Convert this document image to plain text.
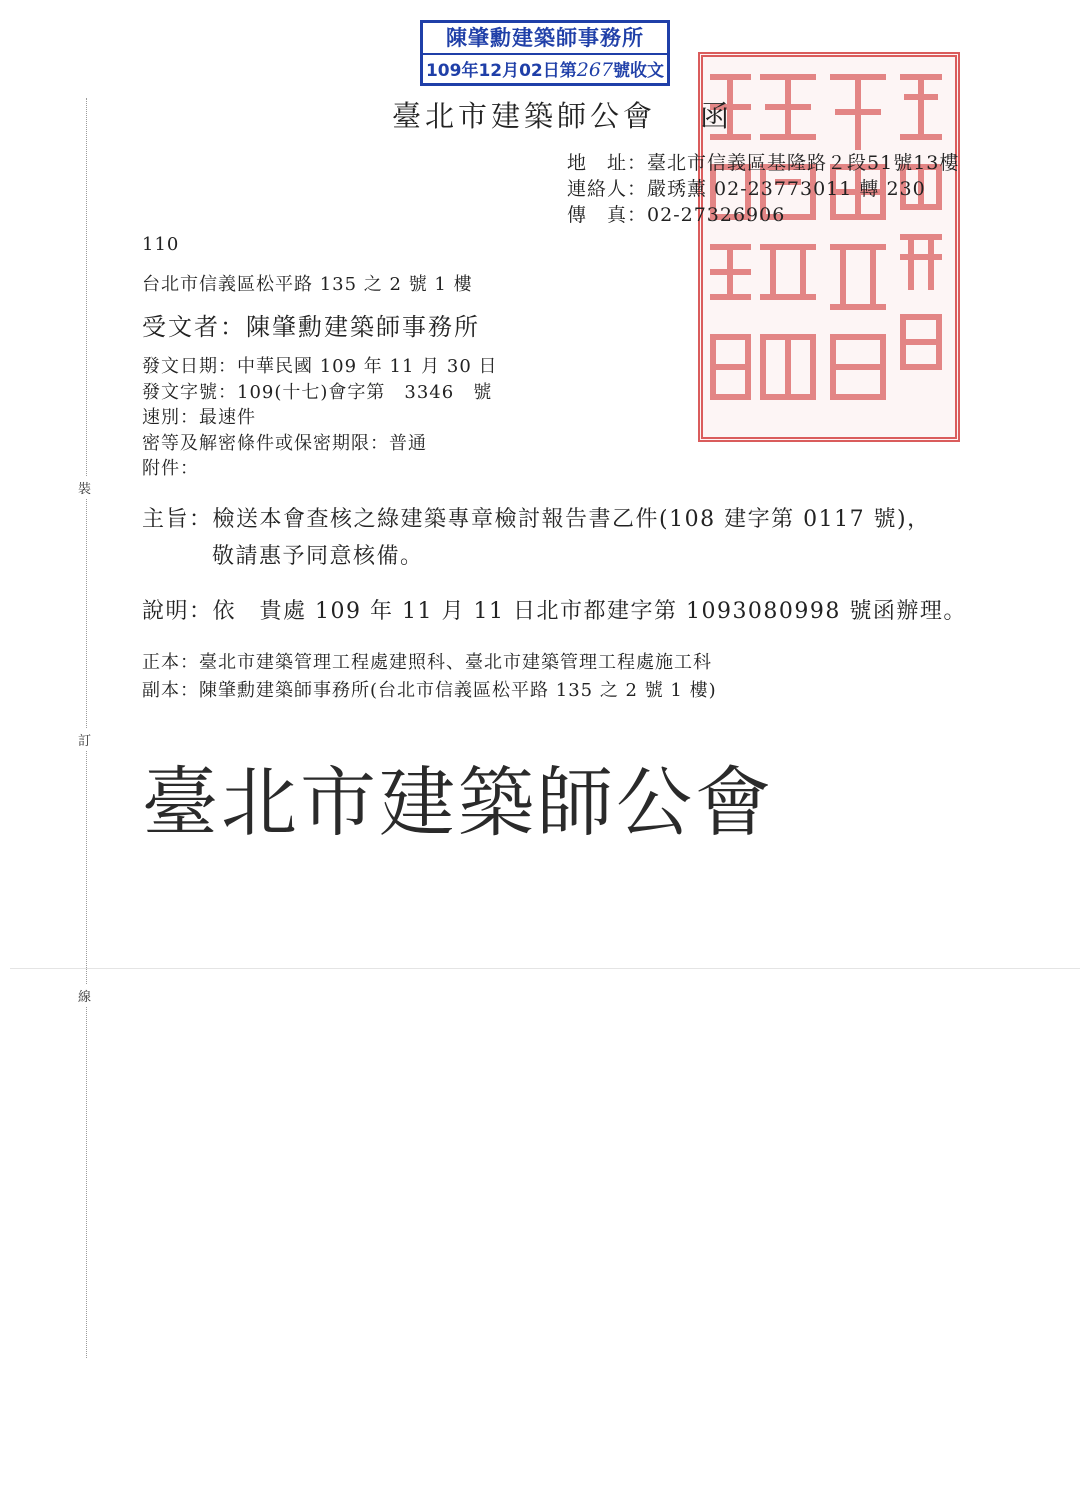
裝
訂
線
陳肇勳建築師事務所
109年12月02日第267號收文
臺北市建築師公會 函
地　址：臺北市信義區基隆路２段51號13樓
連絡人：嚴琇薰 02-23773011 轉 230
傳　真：02-27326906
110
台北市信義區松平路 135 之 2 號 1 樓
受文者：陳肇勳建築師事務所
發文日期：中華民國 109 年 11 月 30 日
發文字號：109(十七)會字第　3346　號
速別：最速件
密等及解密條件或保密期限：普通
附件：
主旨：檢送本會查核之綠建築專章檢討報告書乙件(108 建字第 0117 號)，
敬請惠予同意核備。
說明：依　貴處 109 年 11 月 11 日北市都建字第 1093080998 號函辦理。
正本：臺北市建築管理工程處建照科、臺北市建築管理工程處施工科
副本：陳肇勳建築師事務所(台北市信義區松平路 135 之 2 號 1 樓)
臺北市建築師公會
